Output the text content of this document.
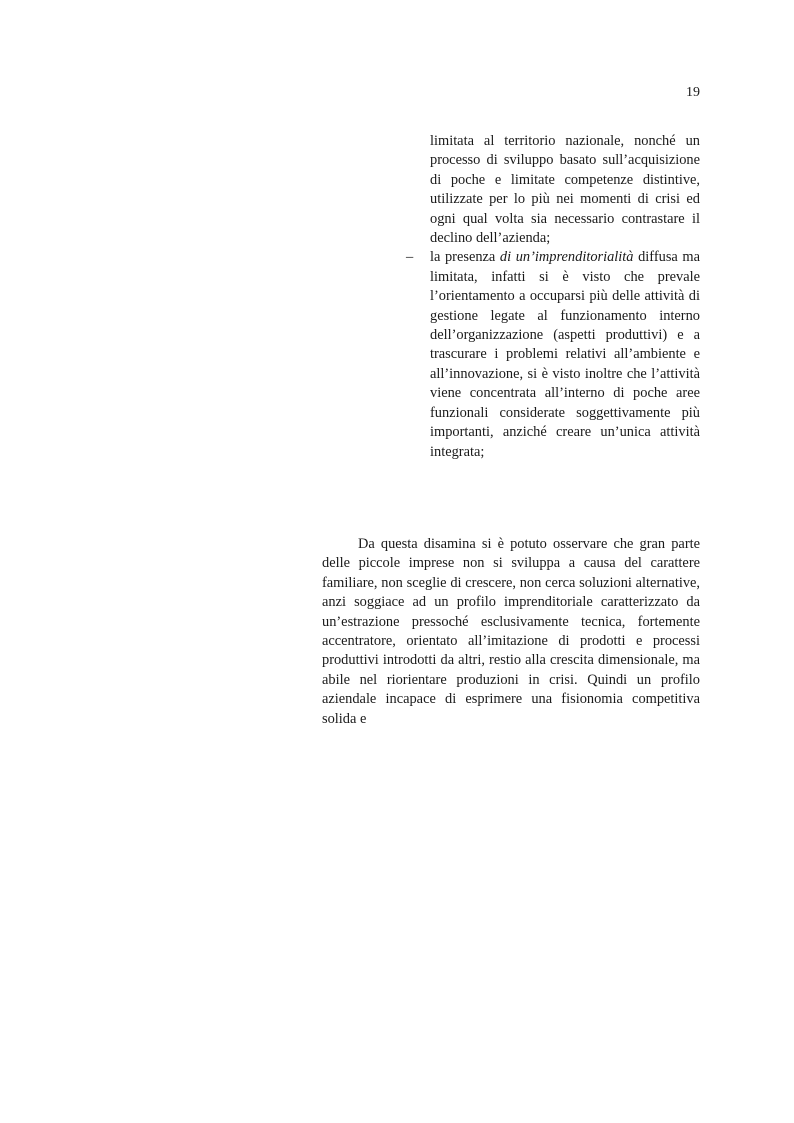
19
limitata al territorio nazionale, nonché un processo di sviluppo basato sull’acquisizione di poche e limitate competenze distintive, utilizzate per lo più nei momenti di crisi ed ogni qual volta sia necessario contrastare il declino dell’azienda;
– la presenza di un’imprenditorialità diffusa ma limitata, infatti si è visto che prevale l’orientamento a occuparsi più delle attività di gestione legate al funzionamento interno dell’organizzazione (aspetti produttivi) e a trascurare i problemi relativi all’ambiente e all’innovazione, si è visto inoltre che l’attività viene concentrata all’interno di poche aree funzionali considerate soggettivamente più importanti, anziché creare un’unica attività integrata;

Da questa disamina si è potuto osservare che gran parte delle piccole imprese non si sviluppa a causa del carattere familiare, non sceglie di crescere, non cerca soluzioni alternative, anzi soggiace ad un profilo imprenditoriale caratterizzato da un’estrazione pressoché esclusivamente tecnica, fortemente accentratore, orientato all’imitazione di prodotti e processi produttivi introdotti da altri, restio alla crescita dimensionale, ma abile nel riorientare produzioni in crisi. Quindi un profilo aziendale incapace di esprimere una fisionomia competitiva solida e
